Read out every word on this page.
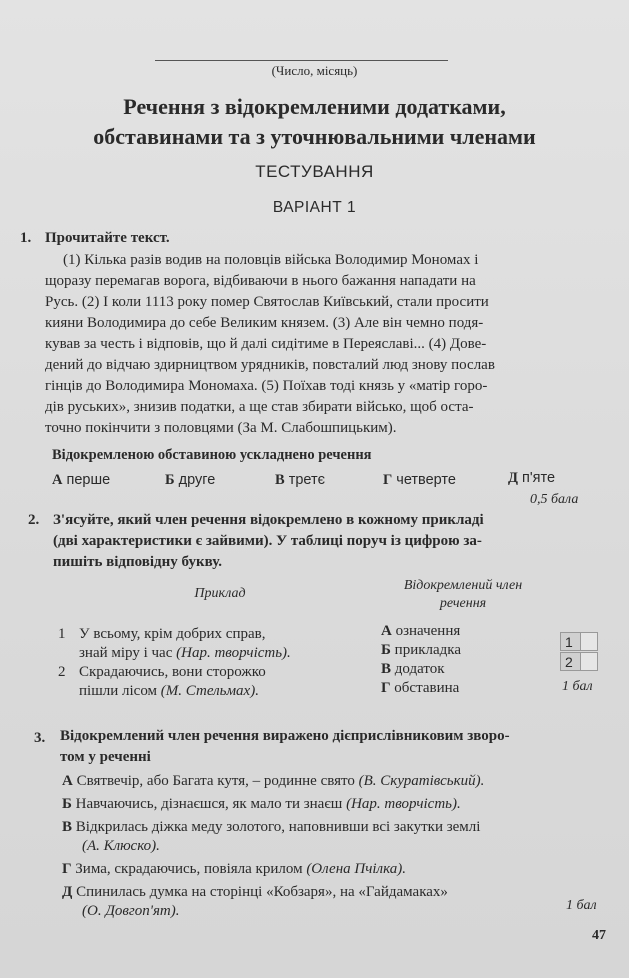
(Число, місяць)
Речення з відокремленими додатками,
обставинами та з уточнювальними членами
ТЕСТУВАННЯ
ВАРІАНТ 1
1. Прочитайте текст.
(1) Кілька разів водив на половців війська Володимир Мономах і
щоразу перемагав ворога, відбиваючи в нього бажання нападати на
Русь. (2) І коли 1113 року помер Святослав Київський, стали просити
кияни Володимира до себе Великим князем. (3) Але він чемно подя-
кував за честь і відповів, що й далі сидітиме в Переяславі... (4) Дове-
дений до відчаю здирництвом урядників, повсталий люд знову послав
гінців до Володимира Мономаха. (5) Поїхав тоді князь у «матір горо-
дів руських», знизив податки, а ще став збирати військо, щоб оста-
точно покінчити з половцями (За М. Слабошпицьким).
Відокремленою обставиною ускладнено речення
А перше	Б друге	В третє	Г четверте	Д п'яте
0,5 бала
2. З'ясуйте, який член речення відокремлено в кожному прикладі
(дві характеристики є зайвими). У таблиці поруч із цифрою за-
пишіть відповідну букву.
Приклад
Відокремлений член
речення
1 У всьому, крім добрих справ,
знай міру і час (Нар. творчість).
2 Скрадаючись, вони сторожко
пішли лісом (М. Стельмах).
А означення
Б прикладка
В додаток
Г обставина
1
2
1 бал
3. Відокремлений член речення виражено дієприслівниковим зворо-
том у реченні
А Святвечір, або Багата кутя, – родинне свято (В. Скуратівський).
Б Навчаючись, дізнаєшся, як мало ти знаєш (Нар. творчість).
В Відкрилась діжка меду золотого, наповнивши всі закутки землі
(А. Клюско).
Г Зима, скрадаючись, повіяла крилом (Олена Пчілка).
Д Спинилась думка на сторінці «Кобзаря», на «Гайдамаках»
(О. Довгоп'ят).	1 бал
47
